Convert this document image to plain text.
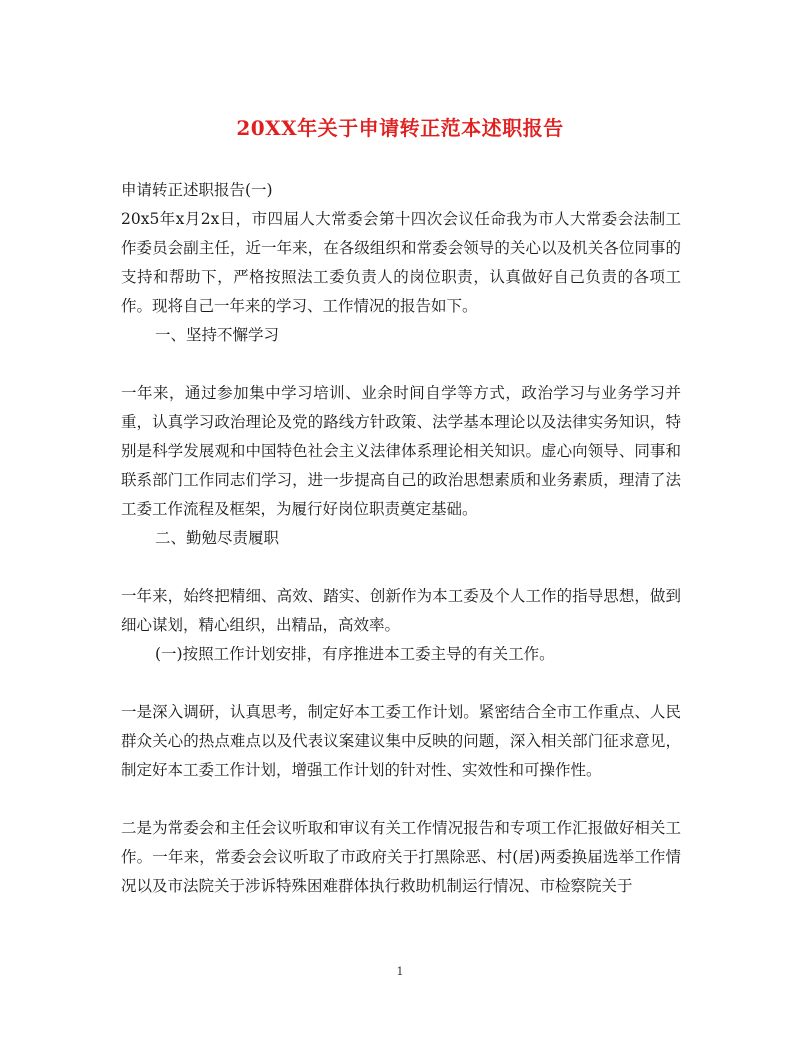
20XX年关于申请转正范本述职报告

申请转正述职报告(一)

20x5年x月2x日，市四届人大常委会第十四次会议任命我为市人大常委会法制工作委员会副主任，近一年来，在各级组织和常委会领导的关心以及机关各位同事的支持和帮助下，严格按照法工委负责人的岗位职责，认真做好自己负责的各项工作。现将自己一年来的学习、工作情况的报告如下。

一、坚持不懈学习

一年来，通过参加集中学习培训、业余时间自学等方式，政治学习与业务学习并重，认真学习政治理论及党的路线方针政策、法学基本理论以及法律实务知识，特别是科学发展观和中国特色社会主义法律体系理论相关知识。虚心向领导、同事和联系部门工作同志们学习，进一步提高自己的政治思想素质和业务素质，理清了法工委工作流程及框架，为履行好岗位职责奠定基础。

二、勤勉尽责履职

一年来，始终把精细、高效、踏实、创新作为本工委及个人工作的指导思想，做到细心谋划，精心组织，出精品，高效率。

(一)按照工作计划安排，有序推进本工委主导的有关工作。

一是深入调研，认真思考，制定好本工委工作计划。紧密结合全市工作重点、人民群众关心的热点难点以及代表议案建议集中反映的问题，深入相关部门征求意见，制定好本工委工作计划，增强工作计划的针对性、实效性和可操作性。

二是为常委会和主任会议听取和审议有关工作情况报告和专项工作汇报做好相关工作。一年来，常委会会议听取了市政府关于打黑除恶、村(居)两委换届选举工作情况以及市法院关于涉诉特殊困难群体执行救助机制运行情况、市检察院关于

1
